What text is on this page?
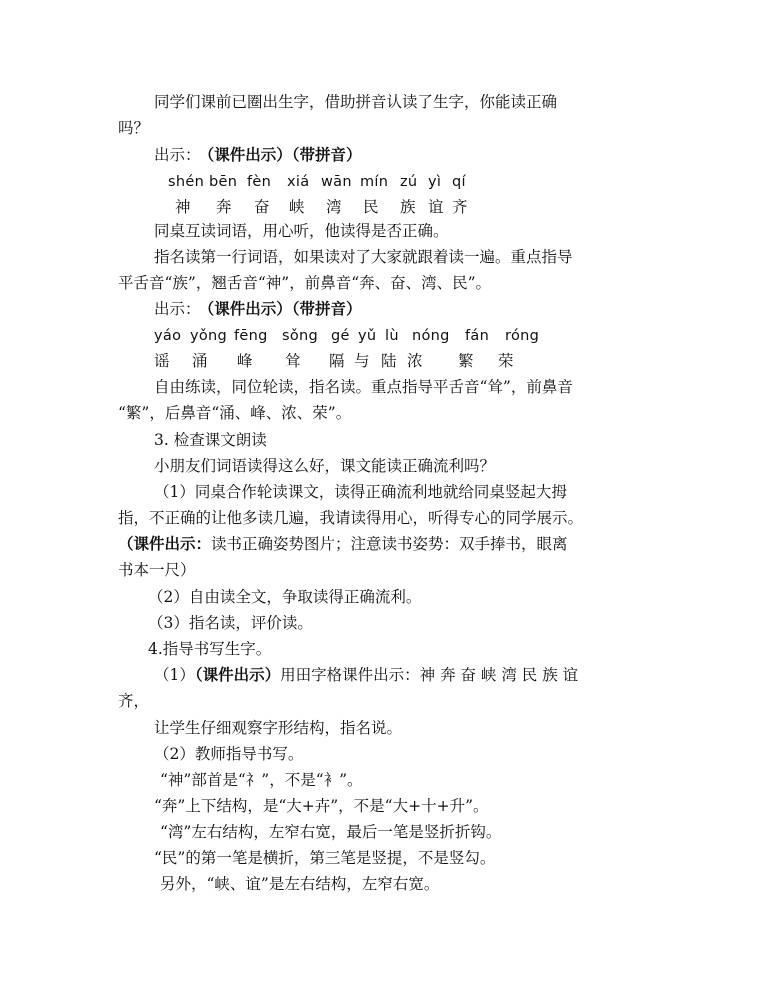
同学们课前已圈出生字，借助拼音认读了生字，你能读正确
吗？
出示： （课件出示）（带拼音）
shén bēn fèn xiá wān mín zú yì qí
神 奔 奋 峡 湾 民 族 谊 齐
同桌互读词语，用心听，他读得是否正确。
指名读第一行词语，如果读对了大家就跟着读一遍。重点指导
平舌音“族”，翘舌音“神”，前鼻音“奔、奋、湾、民”。
出示： （课件出示）（带拼音）
yáo yǒng fēng sǒng gé yǔ lù nóng fán róng
谣 涌 峰 耸 隔 与 陆 浓 繁 荣
自由练读，同位轮读，指名读。重点指导平舌音“耸”，前鼻音
“繁”，后鼻音“涌、峰、浓、荣”。
3. 检查课文朗读
小朋友们词语读得这么好，课文能读正确流利吗？
（1）同桌合作轮读课文，读得正确流利地就给同桌竖起大拇
指，不正确的让他多读几遍，我请读得用心，听得专心的同学展示。
（课件出示：读书正确姿势图片；注意读书姿势：双手捧书，眼离
书本一尺）
（2）自由读全文，争取读得正确流利。
（3）指名读，评价读。
4.指导书写生字。
（1）（课件出示）用田字格课件出示：神 奔 奋 峡 湾 民 族 谊
齐，
让学生仔细观察字形结构，指名说。
（2）教师指导书写。
“神”部首是“礻”，不是“衤”。
“奔”上下结构，是“大+卉”，不是“大+十+升”。
“湾”左右结构，左窄右宽，最后一笔是竖折折钩。
“民”的第一笔是横折，第三笔是竖提，不是竖勾。
另外，“峡、谊”是左右结构，左窄右宽。
